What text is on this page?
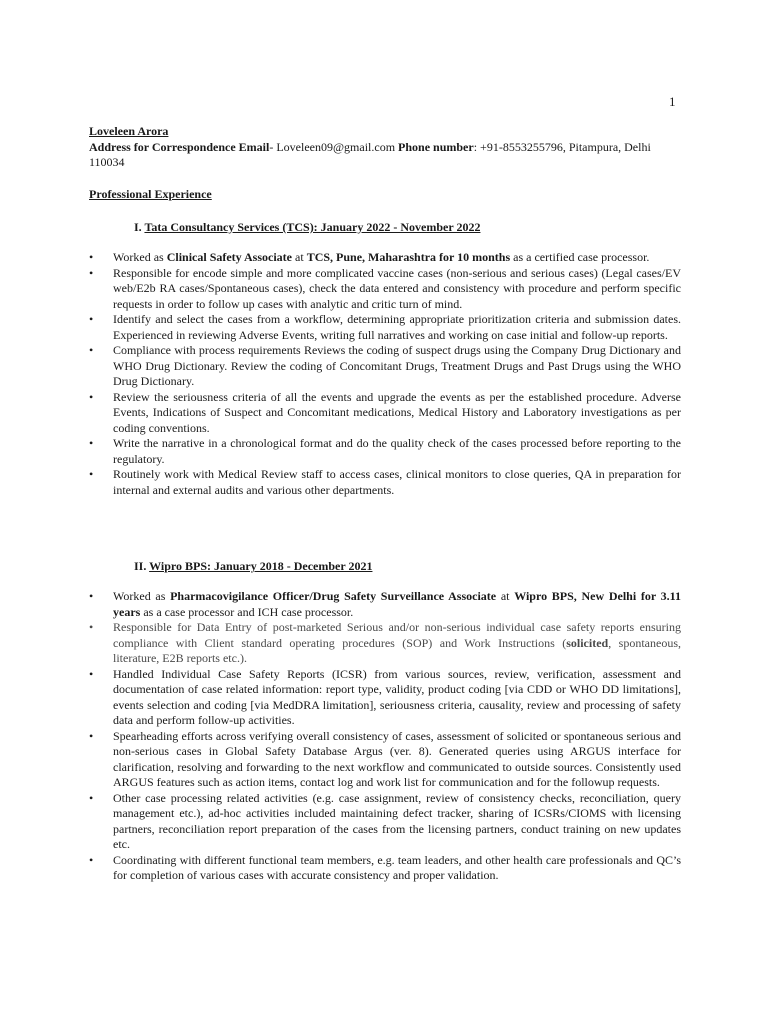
1
Loveleen Arora
Address for Correspondence Email- Loveleen09@gmail.com Phone number: +91-8553255796, Pitampura, Delhi 110034
Professional Experience
I. Tata Consultancy Services (TCS): January 2022 - November 2022
• Worked as Clinical Safety Associate at TCS, Pune, Maharashtra for 10 months as a certified case processor.
• Responsible for encode simple and more complicated vaccine cases (non-serious and serious cases) (Legal cases/EV web/E2b RA cases/Spontaneous cases), check the data entered and consistency with procedure and perform specific requests in order to follow up cases with analytic and critic turn of mind.
• Identify and select the cases from a workflow, determining appropriate prioritization criteria and submission dates. Experienced in reviewing Adverse Events, writing full narratives and working on case initial and follow-up reports.
• Compliance with process requirements Reviews the coding of suspect drugs using the Company Drug Dictionary and WHO Drug Dictionary. Review the coding of Concomitant Drugs, Treatment Drugs and Past Drugs using the WHO Drug Dictionary.
• Review the seriousness criteria of all the events and upgrade the events as per the established procedure. Adverse Events, Indications of Suspect and Concomitant medications, Medical History and Laboratory investigations as per coding conventions.
• Write the narrative in a chronological format and do the quality check of the cases processed before reporting to the regulatory.
• Routinely work with Medical Review staff to access cases, clinical monitors to close queries, QA in preparation for internal and external audits and various other departments.
II. Wipro BPS: January 2018 - December 2021
• Worked as Pharmacovigilance Officer/Drug Safety Surveillance Associate at Wipro BPS, New Delhi for 3.11 years as a case processor and ICH case processor.
• Responsible for Data Entry of post-marketed Serious and/or non-serious individual case safety reports ensuring compliance with Client standard operating procedures (SOP) and Work Instructions (solicited, spontaneous, literature, E2B reports etc.).
• Handled Individual Case Safety Reports (ICSR) from various sources, review, verification, assessment and documentation of case related information: report type, validity, product coding [via CDD or WHO DD limitations], events selection and coding [via MedDRA limitation], seriousness criteria, causality, review and processing of safety data and perform follow-up activities.
• Spearheading efforts across verifying overall consistency of cases, assessment of solicited or spontaneous serious and non-serious cases in Global Safety Database Argus (ver. 8). Generated queries using ARGUS interface for clarification, resolving and forwarding to the next workflow and communicated to outside sources. Consistently used ARGUS features such as action items, contact log and work list for communication and for the followup requests.
• Other case processing related activities (e.g. case assignment, review of consistency checks, reconciliation, query management etc.), ad-hoc activities included maintaining defect tracker, sharing of ICSRs/CIOMS with licensing partners, reconciliation report preparation of the cases from the licensing partners, conduct training on new updates etc.
• Coordinating with different functional team members, e.g. team leaders, and other health care professionals and QC’s for completion of various cases with accurate consistency and proper validation.
